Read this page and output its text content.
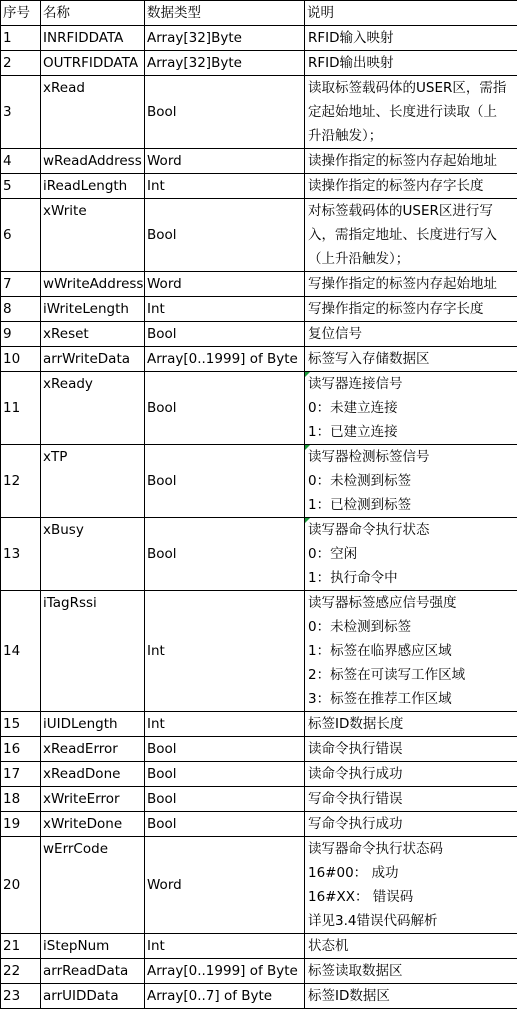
序号	名称	数据类型	说明
1	INRFIDDATA	Array[32]Byte	RFID输入映射

2	OUTRFIDDATA	Array[32]Byte	RFID输出映射

3	xRead	Bool	读取标签载码体的USER区，需指
定起始地址、长度进行读取（上
升沿触发）；

4	wReadAddress	Word	读操作指定的标签内存起始地址

5	iReadLength	Int	读操作指定的标签内存字长度

6	xWrite	Bool	对标签载码体的USER区进行写
入，需指定地址、长度进行写入
（上升沿触发）；

7	wWriteAddress	Word	写操作指定的标签内存起始地址

8	iWriteLength	Int	写操作指定的标签内存字长度

9	xReset	Bool	复位信号

10	arrWriteData	Array[0..1999] of Byte	标签写入存储数据区

11	xReady	Bool	读写器连接信号
0：未建立连接
1：已建立连接

12	xTP	Bool	读写器检测标签信号
0：未检测到标签
1：已检测到标签

13	xBusy	Bool	读写器命令执行状态
0：空闲
1：执行命令中

14	iTagRssi	Int	读写器标签感应信号强度
0：未检测到标签
1：标签在临界感应区域
2：标签在可读写工作区域
3：标签在推荐工作区域

15	iUIDLength	Int	标签ID数据长度

16	xReadError	Bool	读命令执行错误

17	xReadDone	Bool	读命令执行成功

18	xWriteError	Bool	写命令执行错误

19	xWriteDone	Bool	写命令执行成功

20	wErrCode	Word	读写器命令执行状态码
16#00： 成功
16#XX： 错误码
详见3.4错误代码解析

21	iStepNum	Int	状态机

22	arrReadData	Array[0..1999] of Byte	标签读取数据区

23	arrUIDData	Array[0..7] of Byte	标签ID数据区
